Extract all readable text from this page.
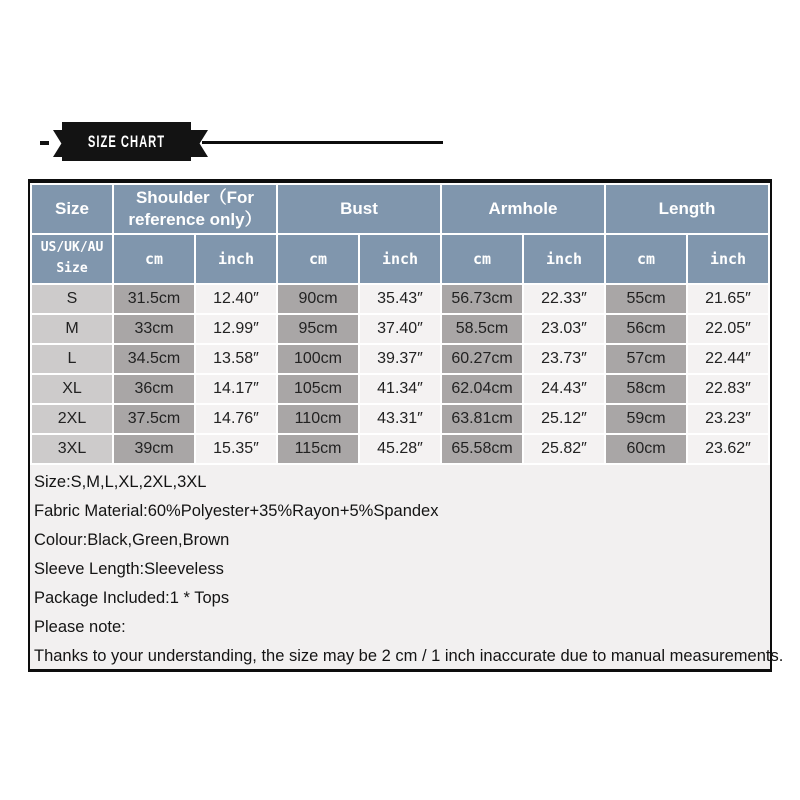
SIZE CHART
Size	Shoulder（For reference only）		Bust		Armhole		Length	
US/UK/AU Size	cm	inch	cm	inch	cm	inch	cm	inch
S	31.5cm	12.40″	90cm	35.43″	56.73cm	22.33″	55cm	21.65″
M	33cm	12.99″	95cm	37.40″	58.5cm	23.03″	56cm	22.05″
L	34.5cm	13.58″	100cm	39.37″	60.27cm	23.73″	57cm	22.44″
XL	36cm	14.17″	105cm	41.34″	62.04cm	24.43″	58cm	22.83″
2XL	37.5cm	14.76″	110cm	43.31″	63.81cm	25.12″	59cm	23.23″
3XL	39cm	15.35″	115cm	45.28″	65.58cm	25.82″	60cm	23.62″
Size:S,M,L,XL,2XL,3XL
Fabric Material:60%Polyester+35%Rayon+5%Spandex
Colour:Black,Green,Brown
Sleeve Length:Sleeveless
Package Included:1 * Tops
Please note:
Thanks to your understanding, the size may be 2 cm / 1 inch inaccurate due to manual measurements.
